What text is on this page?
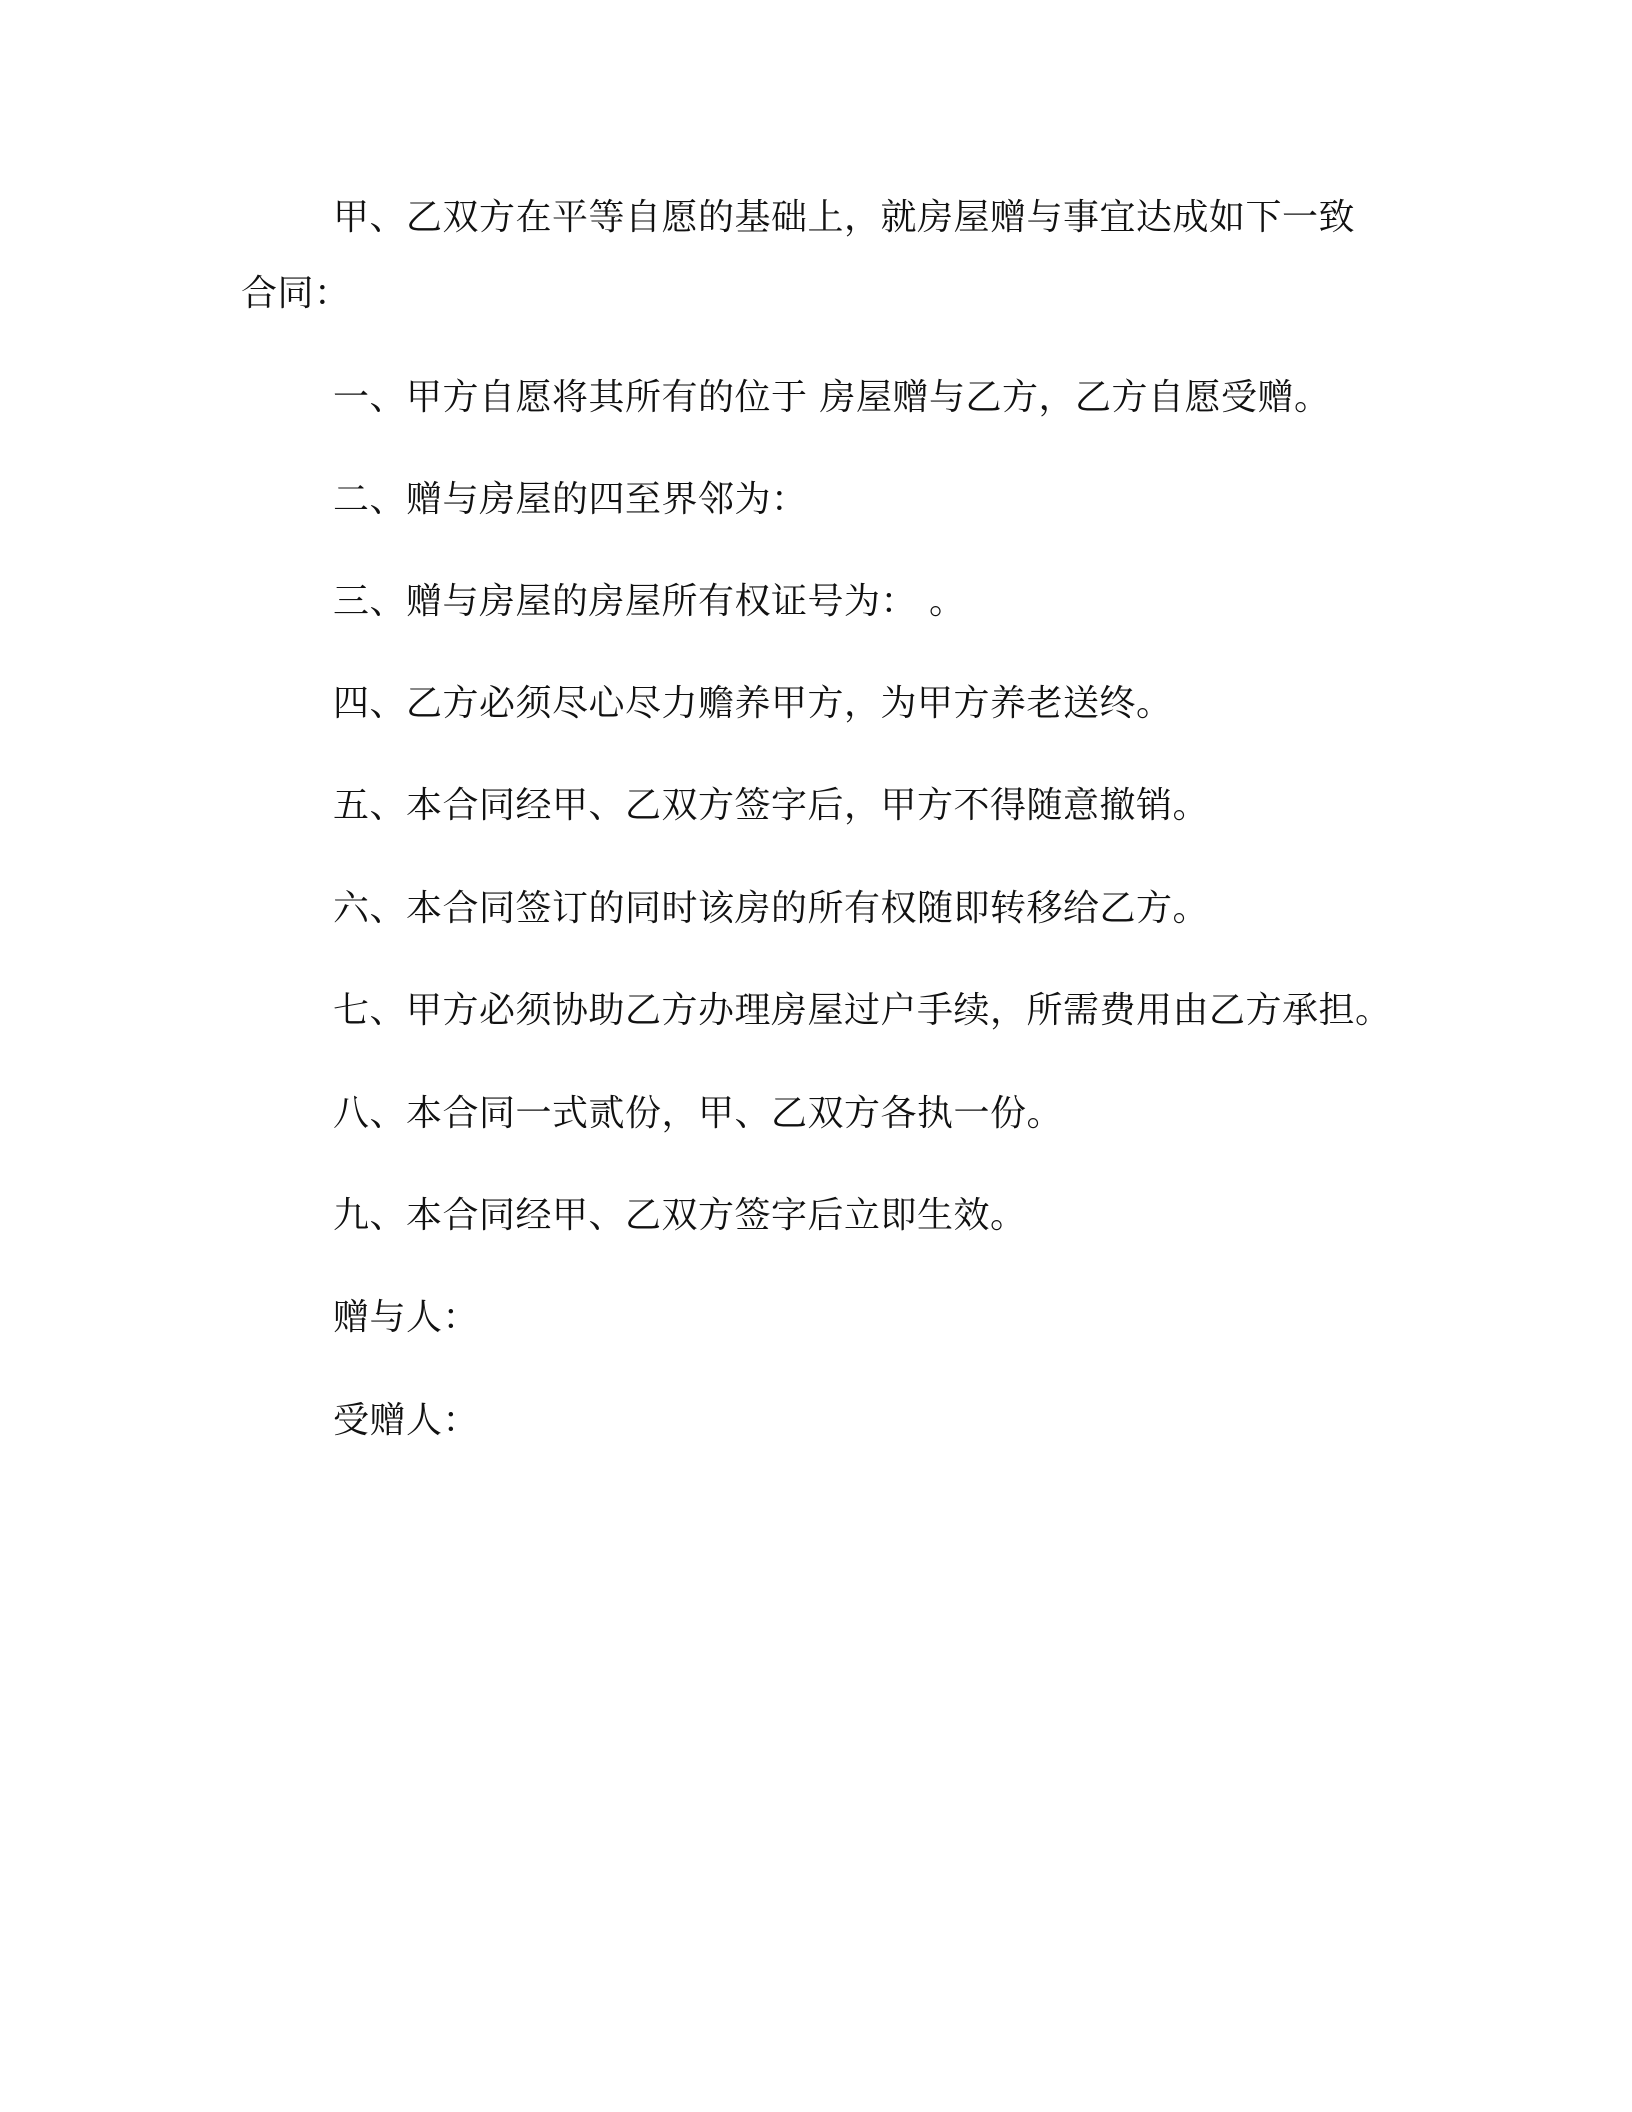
甲、乙双方在平等自愿的基础上，就房屋赠与事宜达成如下一致
合同：
一、甲方自愿将其所有的位于 房屋赠与乙方，乙方自愿受赠。
二、赠与房屋的四至界邻为：
三、赠与房屋的房屋所有权证号为： 。
四、乙方必须尽心尽力赡养甲方，为甲方养老送终。
五、本合同经甲、乙双方签字后，甲方不得随意撤销。
六、本合同签订的同时该房的所有权随即转移给乙方。
七、甲方必须协助乙方办理房屋过户手续，所需费用由乙方承担。
八、本合同一式贰份，甲、乙双方各执一份。
九、本合同经甲、乙双方签字后立即生效。
赠与人：
受赠人：
